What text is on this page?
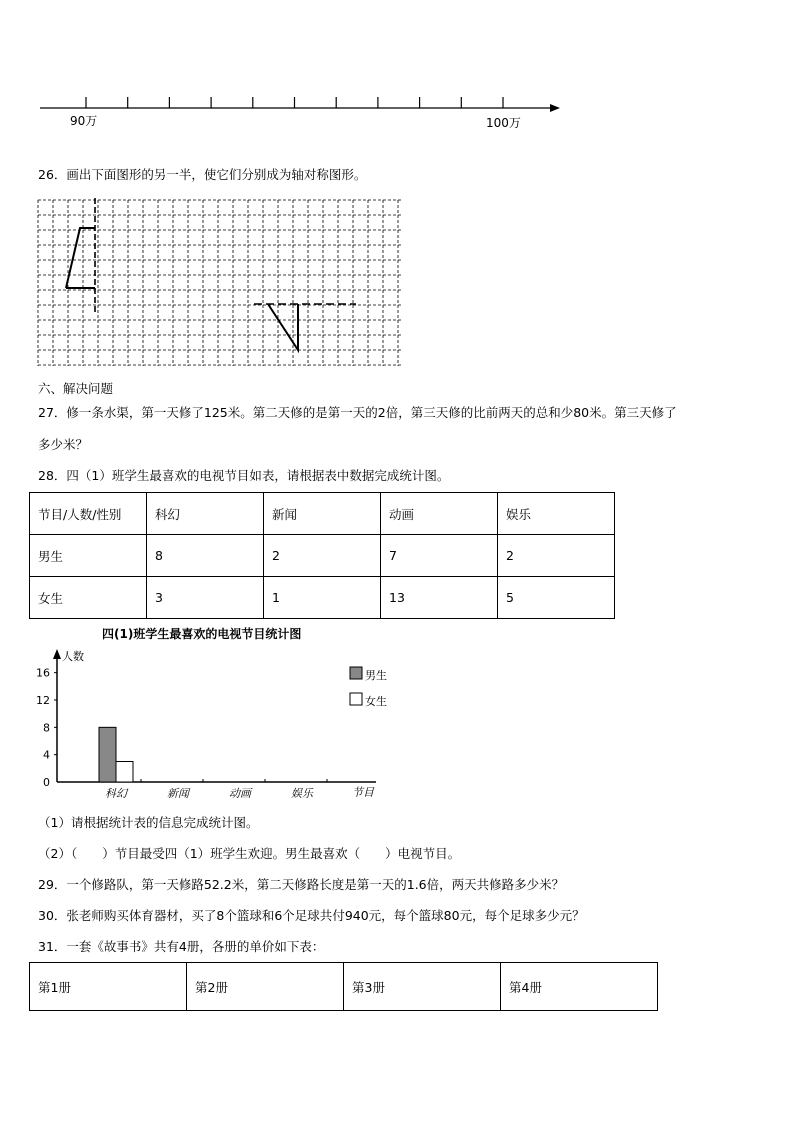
90万	100万
26．画出下面图形的另一半，使它们分别成为轴对称图形。
六、解决问题
27．修一条水渠，第一天修了125米。第二天修的是第一天的2倍，第三天修的比前两天的总和少80米。第三天修了
多少米？
28．四（1）班学生最喜欢的电视节目如表，请根据表中数据完成统计图。
节目/人数/性别	科幻	新闻	动画	娱乐
男生	8	2	7	2
女生	3	1	13	5
四(1)班学生最喜欢的电视节目统计图
人数
节目
男生
女生
0
4
8
12
16
科幻	新闻	动画	娱乐
（1）请根据统计表的信息完成统计图。
（2）（　　）节目最受四（1）班学生欢迎。男生最喜欢（　　）电视节目。
29．一个修路队，第一天修路52.2米，第二天修路长度是第一天的1.6倍，两天共修路多少米？
30．张老师购买体育器材，买了8个篮球和6个足球共付940元，每个篮球80元，每个足球多少元？
31．一套《故事书》共有4册，各册的单价如下表：
第1册	第2册	第3册	第4册
